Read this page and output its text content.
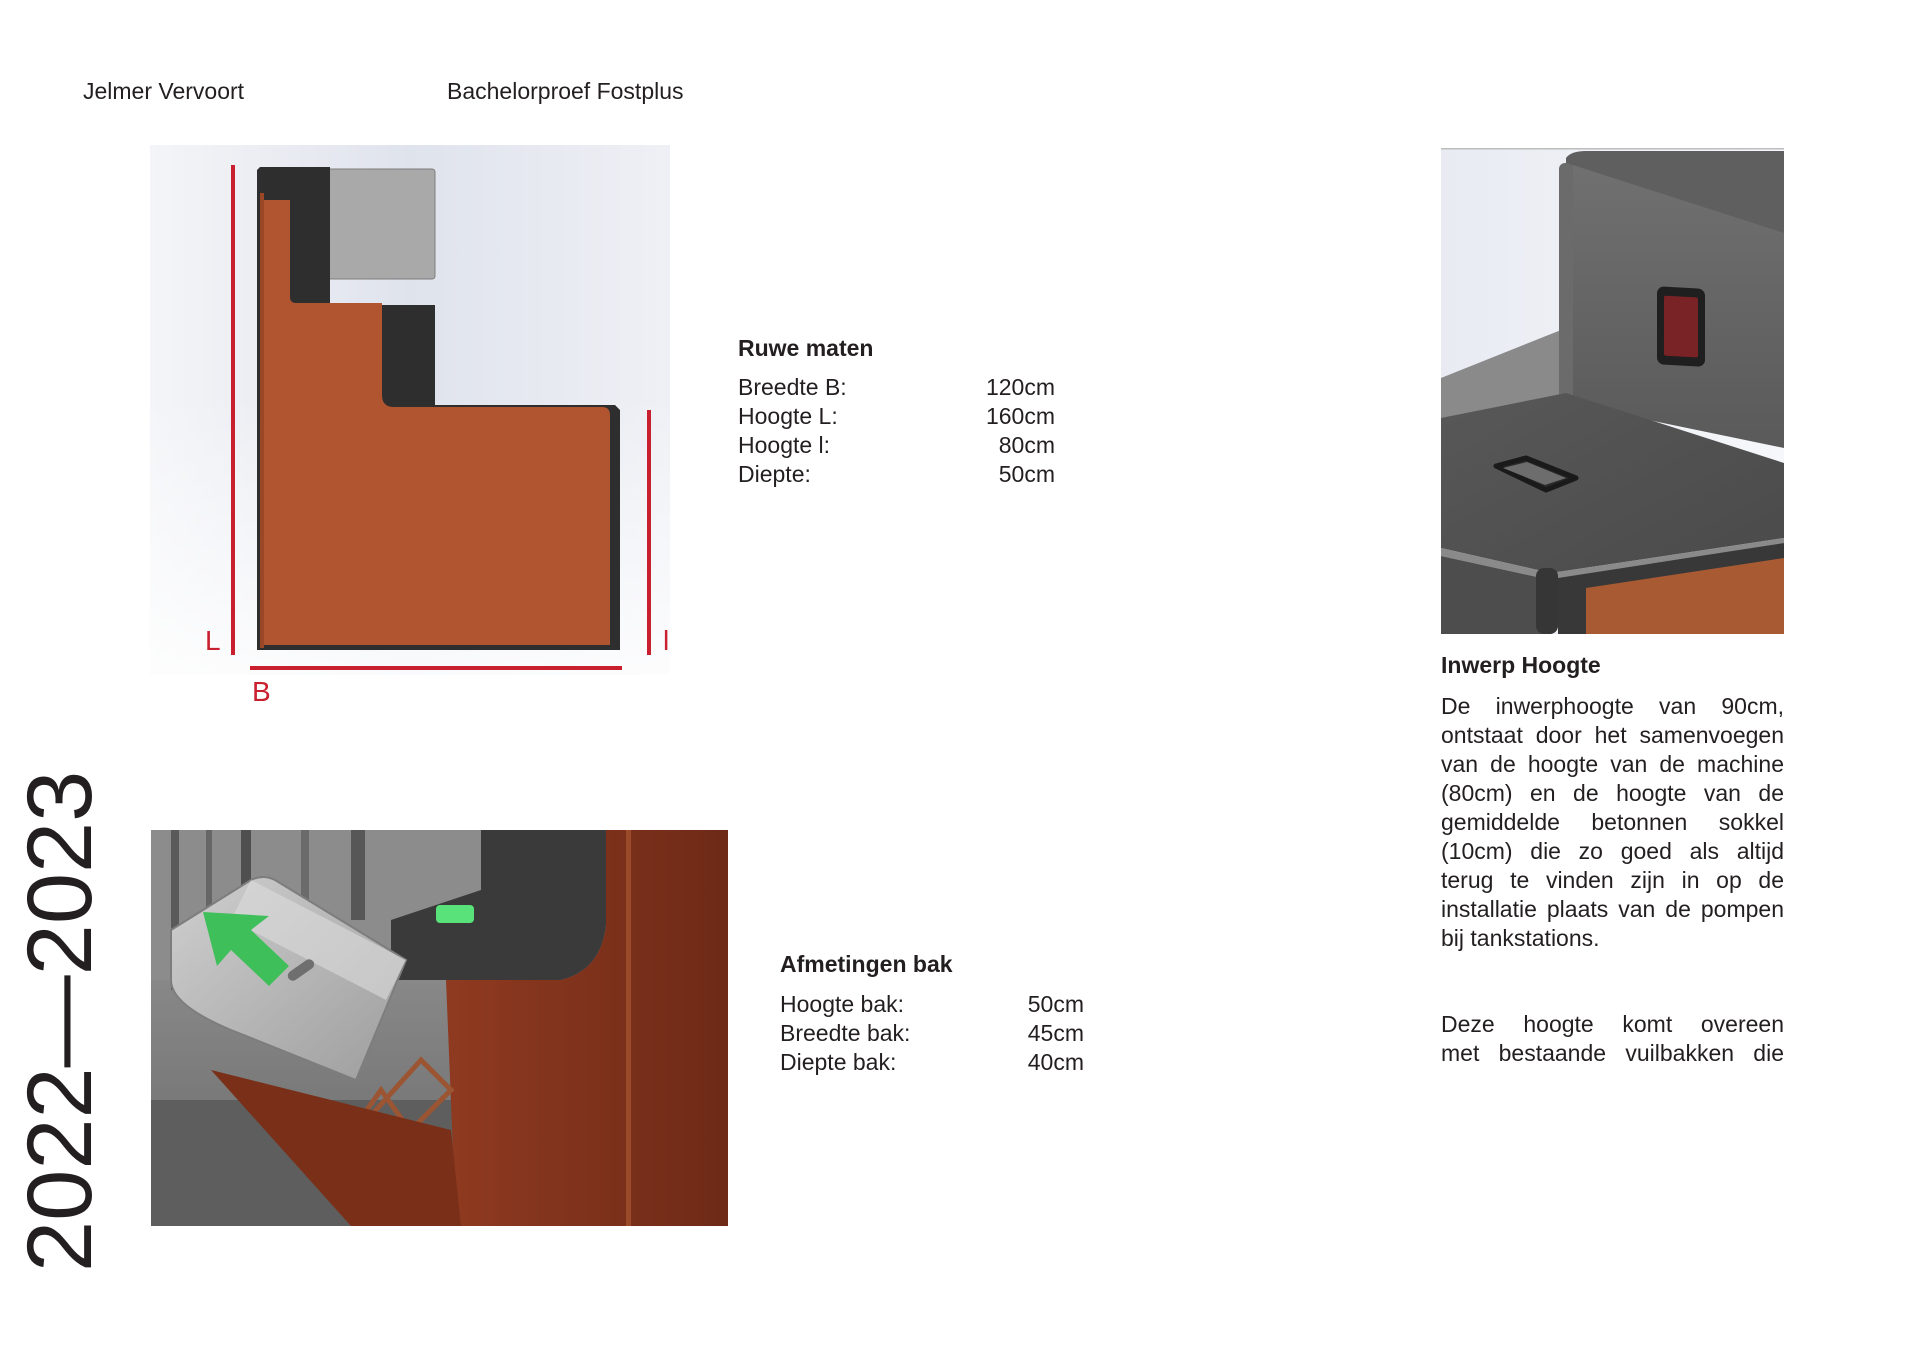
Jelmer Vervoort	Bachelorproef Fostplus
2022—2023
L
B
l
Ruwe maten
Breedte B:	120cm
Hoogte L:	160cm
Hoogte l:	80cm
Diepte:	50cm
Inwerp Hoogte
De inwerphoogte van 90cm,
ontstaat door het samenvoegen
van de hoogte van de machine
(80cm) en de hoogte van de
gemiddelde betonnen sokkel
(10cm) die zo goed als altijd
terug te vinden zijn in op de
installatie plaats van de pompen
bij tankstations.
Deze hoogte komt overeen
met bestaande vuilbakken die
Afmetingen bak
Hoogte bak:	50cm
Breedte bak:	45cm
Diepte bak:	40cm
